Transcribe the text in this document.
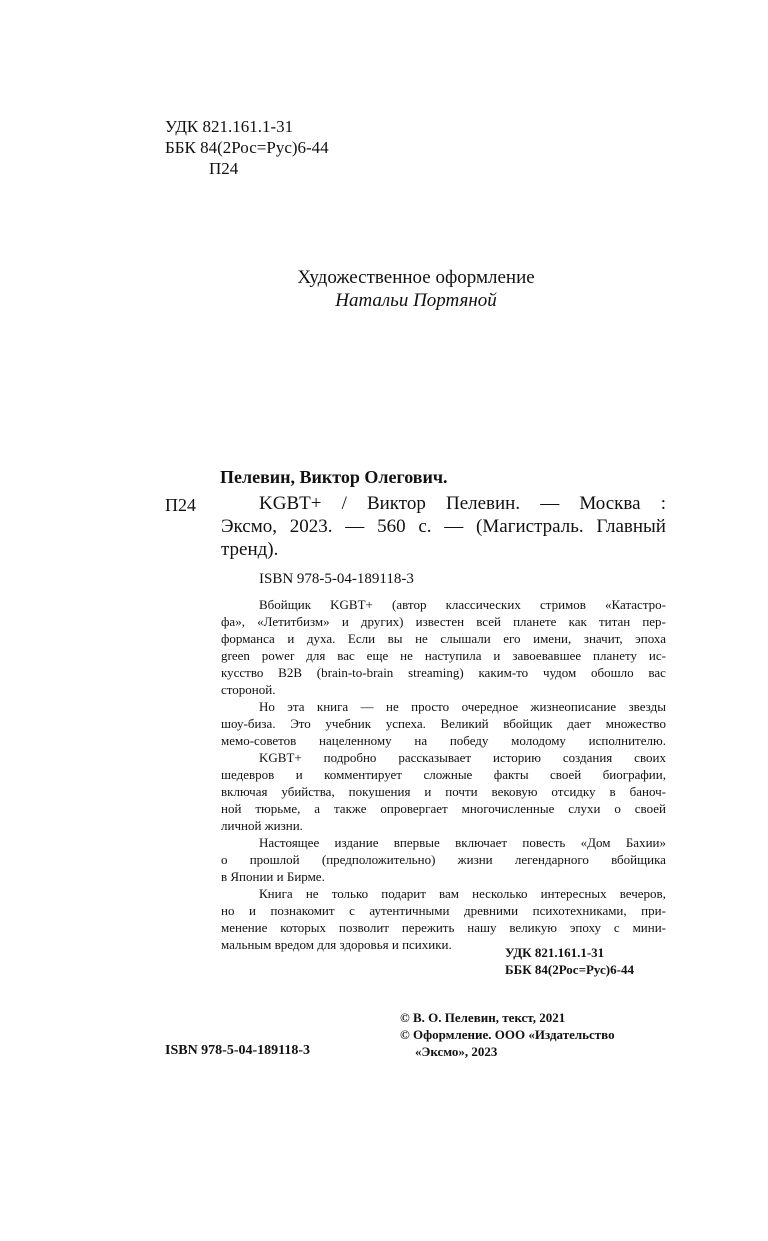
УДК 821.161.1-31
ББК 84(2Рос=Рус)6-44
П24
Художественное оформление
Натальи Портяной
Пелевин, Виктор Олегович.
П24	KGBT+ / Виктор Пелевин. — Москва :
Эксмо, 2023. — 560 с. — (Магистраль. Главный
тренд).
ISBN 978-5-04-189118-3
Вбойщик KGBT+ (автор классических стримов «Катастро-
фа», «Летитбизм» и других) известен всей планете как титан пер-
форманса и духа. Если вы не слышали его имени, значит, эпоха
green power для вас еще не наступила и завоевавшее планету ис-
кусство B2B (brain-to-brain streaming) каким-то чудом обошло вас
стороной.
Но эта книга — не просто очередное жизнеописание звезды
шоу-биза. Это учебник успеха. Великий вбойщик дает множество
мемо-советов нацеленному на победу молодому исполнителю.
KGBT+ подробно рассказывает историю создания своих
шедевров и комментирует сложные факты своей биографии,
включая убийства, покушения и почти вековую отсидку в баноч-
ной тюрьме, а также опровергает многочисленные слухи о своей
личной
жизни.
Настоящее издание впервые включает повесть «Дом Бахии»
о прошлой (предположительно) жизни легендарного вбойщика
в
Японии
и
Бирме.
Книга не только подарит вам несколько интересных вечеров,
но и познакомит с аутентичными древними психотехниками, при-
менение которых позволит пережить нашу великую эпоху с мини-
мальным
вредом
для
здоровья
и
психики.
УДК 821.161.1-31
ББК 84(2Рос=Рус)6-44
ISBN 978-5-04-189118-3
© В. О. Пелевин, текст, 2021
© Оформление. ООО «Издательство
«Эксмо», 2023
